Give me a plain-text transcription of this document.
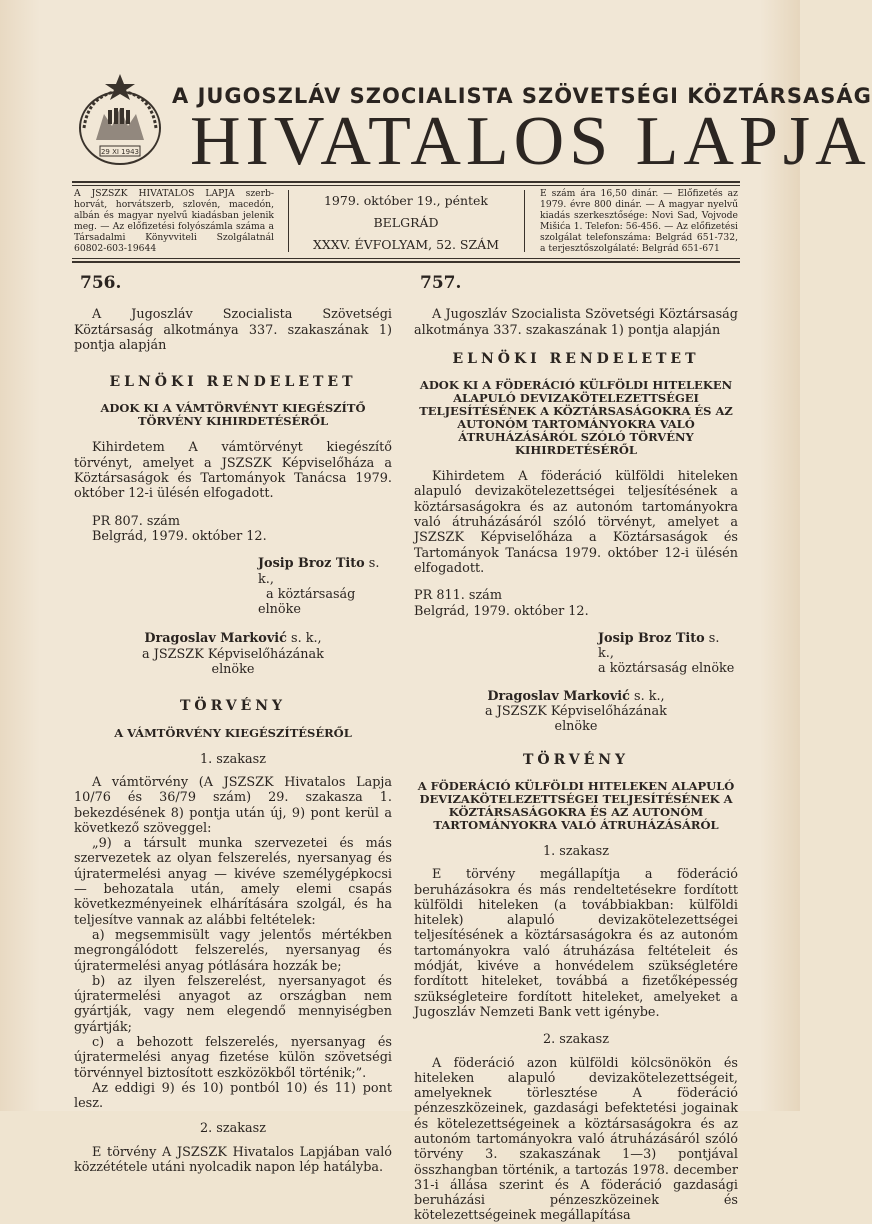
29 XI 1943
A JUGOSZLÁV SZOCIALISTA SZÖVETSÉGI KÖZTÁRSASÁG
HIVATALOS LAPJA
A JSZSZK HIVATALOS LAPJA szerb-horvát, horvátszerb, szlovén, macedón, albán és magyar nyelvű kiadásban jelenik meg. — Az előfizetési folyószámla száma a Társadalmi Könyvviteli Szolgálatnál 60802-603-19644
1979. október 19., péntek
BELGRÁD
XXXV. ÉVFOLYAM, 52. SZÁM
E szám ára 16,50 dinár. — Előfizetés az 1979. évre 800 dinár. — A magyar nyelvű kiadás szerkesztősége: Novi Sad, Vojvode Mišića 1. Telefon: 56-456. — Az előfizetési szolgálat telefonszáma: Belgrád 651-732, a terjesztőszolgálaté: Belgrád 651-671
756.

A Jugoszláv Szocialista Szövetségi Köztársaság alkotmánya 337. szakaszának 1) pontja alapján

ELNÖKI RENDELETET
ADOK KI A VÁMTÖRVÉNYT KIEGÉSZÍTŐ TÖRVÉNY KIHIRDETÉSÉRŐL

Kihirdetem A vámtörvényt kiegészítő törvényt, amelyet a JSZSZK Képviselőháza a Köztársaságok és Tartományok Tanácsa 1979. október 12-i ülésén elfogadott.

PR 807. szám

Belgrád, 1979. október 12.

Josip Broz Tito s. k.,
a köztársaság elnöke
Dragoslav Marković s. k.,
a JSZSZK Képviselőházának
elnöke
TÖRVÉNY
A VÁMTÖRVÉNY KIEGÉSZÍTÉSÉRŐL
1. szakasz

A vámtörvény (A JSZSZK Hivatalos Lapja 10/76 és 36/79 szám) 29. szakasza 1. bekezdésének 8) pontja után új, 9) pont kerül a következő szöveggel:

„9) a társult munka szervezetei és más szervezetek az olyan felszerelés, nyersanyag és újratermelési anyag — kivéve személygépkocsi — behozatala után, amely elemi csapás következményeinek elhárítására szolgál, és ha teljesítve vannak az alábbi feltételek:

a) megsemmisült vagy jelentős mértékben megrongálódott felszerelés, nyersanyag és újratermelési anyag pótlására hozzák be;

b) az ilyen felszerelést, nyersanyagot és újratermelési anyagot az országban nem gyártják, vagy nem elegendő mennyiségben gyártják;

c) a behozott felszerelés, nyersanyag és újratermelési anyag fizetése külön szövetségi törvénnyel biztosított eszközökből történik;”.

Az eddigi 9) és 10) pontból 10) és 11) pont lesz.

2. szakasz

E törvény A JSZSZK Hivatalos Lapjában való közzététele utáni nyolcadik napon lép hatályba.

757.

A Jugoszláv Szocialista Szövetségi Köztársaság alkotmánya 337. szakaszának 1) pontja alapján

ELNÖKI RENDELETET
ADOK KI A FÖDERÁCIÓ KÜLFÖLDI HITELEKEN ALAPULÓ DEVIZAKÖTELEZETTSÉGEI TELJESÍTÉSÉNEK A KÖZTÁRSASÁGOKRA ÉS AZ AUTONÓM TARTOMÁNYOKRA VALÓ ÁTRUHÁZÁSÁRÓL SZÓLÓ TÖRVÉNY KIHIRDETÉSÉRŐL

Kihirdetem A föderáció külföldi hiteleken alapuló devizakötelezettségei teljesítésének a köztársaságokra és az autonóm tartományokra való átruházásáról szóló törvényt, amelyet a JSZSZK Képviselőháza a Köztársaságok és Tartományok Tanácsa 1979. október 12-i ülésén elfogadott.

PR 811. szám

Belgrád, 1979. október 12.

Josip Broz Tito s. k.,
a köztársaság elnöke
Dragoslav Marković s. k.,
a JSZSZK Képviselőházának
elnöke
TÖRVÉNY
A FÖDERÁCIÓ KÜLFÖLDI HITELEKEN ALAPULÓ DEVIZAKÖTELEZETTSÉGEI TELJESÍTÉSÉNEK A KÖZTÁRSASÁGOKRA ÉS AZ AUTONÓM TARTOMÁNYOKRA VALÓ ÁTRUHÁZÁSÁRÓL
1. szakasz

E törvény megállapítja a föderáció beruházásokra és más rendeltetésekre fordított külföldi hiteleken (a továbbiakban: külföldi hitelek) alapuló devizakötelezettségei teljesítésének a köztársaságokra és az autonóm tartományokra való átruházása feltételeit és módját, kivéve a honvédelem szükségletére fordított hiteleket, továbbá a fizetőképesség szükségleteire fordított hiteleket, amelyeket a Jugoszláv Nemzeti Bank vett igénybe.

2. szakasz

A föderáció azon külföldi kölcsönökön és hiteleken alapuló devizakötelezettségeit, amelyeknek törlesztése A föderáció pénzeszközeinek, gazdasági befektetési jogainak és kötelezettségeinek a köztársaságokra és az autonóm tartományokra való átruházásáról szóló törvény 3. szakaszának 1—3) pontjával összhangban történik, a tartozás 1978. december 31-i állása szerint és A föderáció gazdasági beruházási pénzeszközeinek és kötelezettségeinek megállapítása
